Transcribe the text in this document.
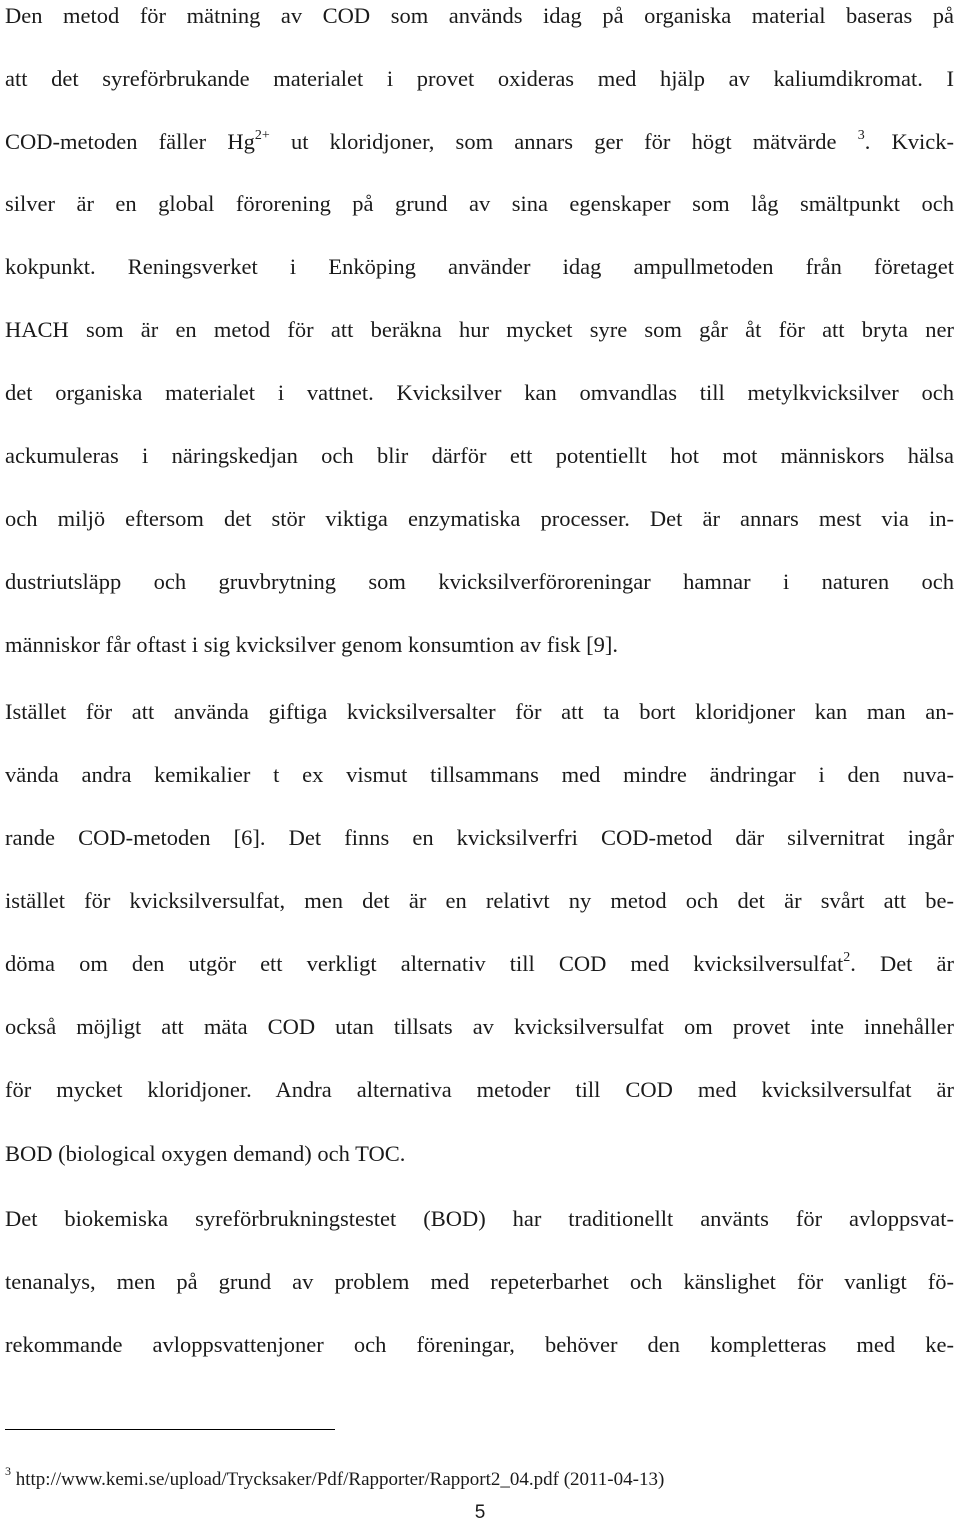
Den metod för mätning av COD som används idag på organiska material baseras på

att det syreförbrukande materialet i provet oxideras med hjälp av kaliumdikromat. I

COD-metoden fäller $Hg^{2+}$ ut kloridjoner, som annars ger för högt mätvärde $^3$. Kvick-

silver är en global förorening på grund av sina egenskaper som låg smältpunkt och

kokpunkt. Reningsverket i Enköping använder idag ampullmetoden från företaget

HACH som är en metod för att beräkna hur mycket syre som går åt för att bryta ner

det organiska materialet i vattnet. Kvicksilver kan omvandlas till metylkvicksilver och

ackumuleras i näringskedjan och blir därför ett potentiellt hot mot människors hälsa

och miljö eftersom det stör viktiga enzymatiska processer. Det är annars mest via in-

dustriutsläpp och gruvbrytning som kvicksilverföroreningar hamnar i naturen och

människor får oftast i sig kvicksilver genom konsumtion av fisk [9].

Istället för att använda giftiga kvicksilversalter för att ta bort kloridjoner kan man an-

vända andra kemikalier t ex vismut tillsammans med mindre ändringar i den nuva-

rande COD-metoden [6]. Det finns en kvicksilverfri COD-metod där silvernitrat ingår

istället för kvicksilversulfat, men det är en relativt ny metod och det är svårt att be-

döma om den utgör ett verkligt alternativ till COD med kvicksilversulfat$^2$. Det är

också möjligt att mäta COD utan tillsats av kvicksilversulfat om provet inte innehåller

för mycket kloridjoner. Andra alternativa metoder till COD med kvicksilversulfat är

BOD (biological oxygen demand) och TOC.

Det biokemiska syreförbrukningstestet (BOD) har traditionellt använts för avloppsvat-

tenanalys, men på grund av problem med repeterbarhet och känslighet för vanligt fö-

rekommande avloppsvattenjoner och föreningar, behöver den kompletteras med ke-

$^3$ http://www.kemi.se/upload/Trycksaker/Pdf/Rapporter/Rapport2_04.pdf (2011-04-13)

5
